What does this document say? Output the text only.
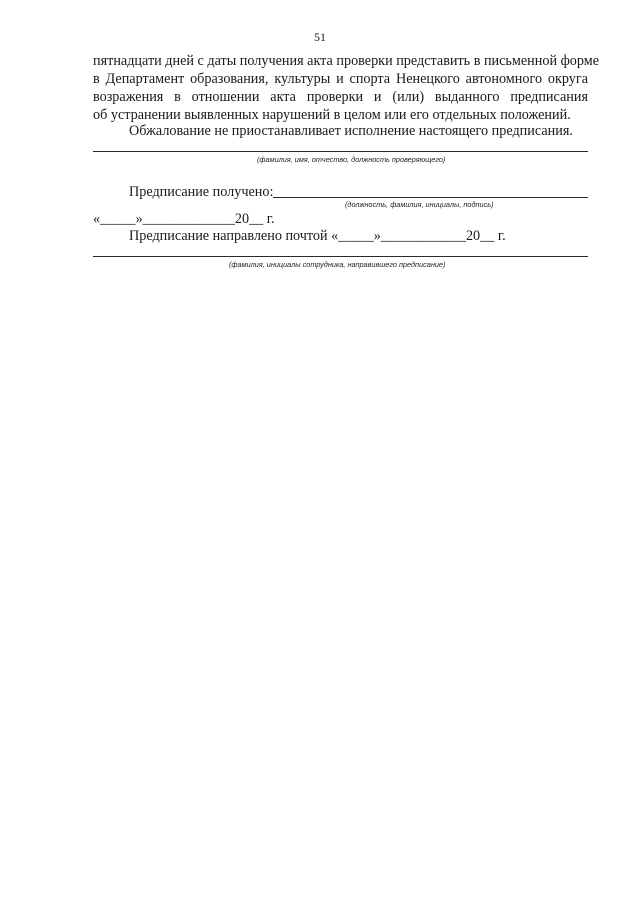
51
пятнадцати дней с даты получения акта проверки представить в письменной форме
в Департамент образования, культуры и спорта Ненецкого автономного округа
возражения в отношении акта проверки и (или) выданного предписания
об устранении выявленных нарушений в целом или его отдельных положений.
Обжалование не приостанавливает исполнение настоящего предписания.
(фамилия, имя, отчество, должность проверяющего)
Предписание получено:
(должность, фамилия, инициалы, подпись)
«_____»_____________20__ г.
Предписание направлено почтой «_____»____________20__ г.
(фамилия, инициалы сотрудника, направившего предписание)
